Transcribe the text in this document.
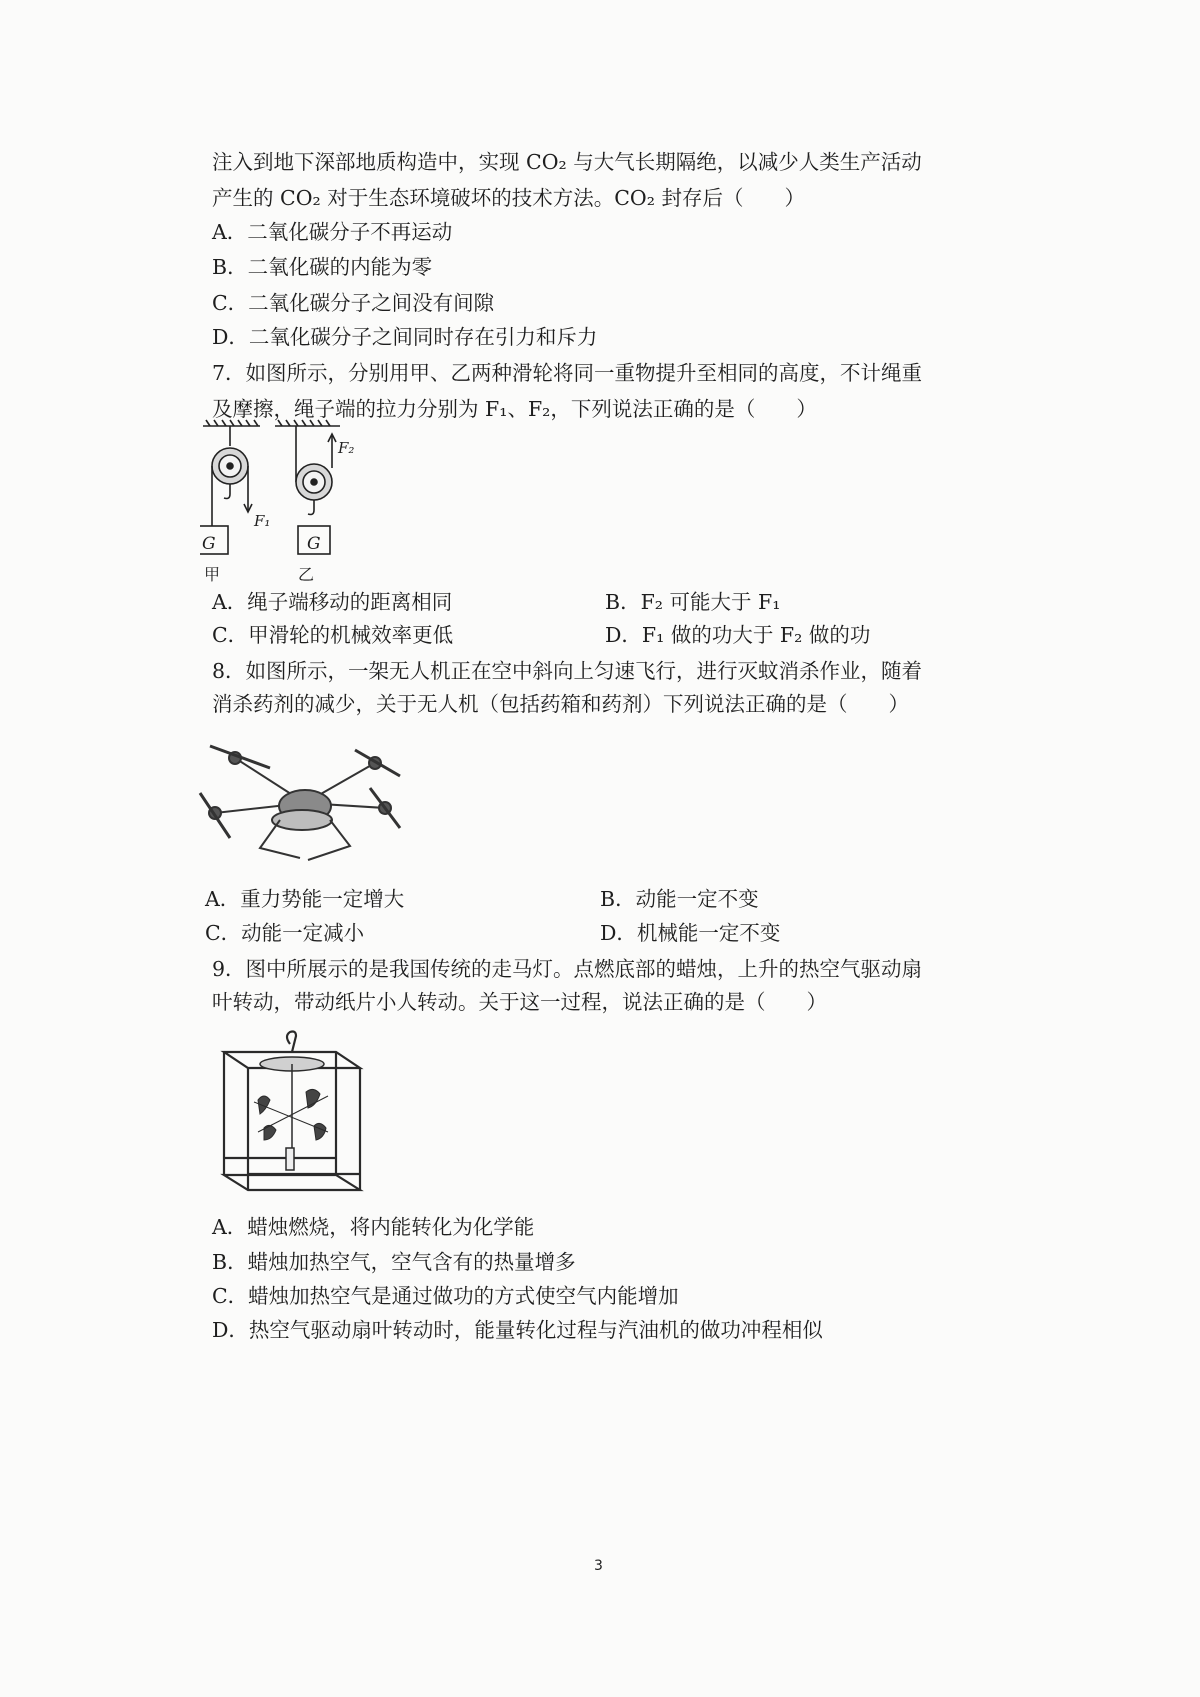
注入到地下深部地质构造中，实现 CO₂ 与大气长期隔绝，以减少人类生产活动
产生的 CO₂ 对于生态环境破坏的技术方法。CO₂ 封存后（　　）
A．二氧化碳分子不再运动
B．二氧化碳的内能为零
C．二氧化碳分子之间没有间隙
D．二氧化碳分子之间同时存在引力和斥力
7．如图所示，分别用甲、乙两种滑轮将同一重物提升至相同的高度，不计绳重
及摩擦，绳子端的拉力分别为 F₁、F₂，下列说法正确的是（　　）
G	G
F₁
F₂
甲	乙
A．绳子端移动的距离相同	B．F₂ 可能大于 F₁
C．甲滑轮的机械效率更低	D．F₁ 做的功大于 F₂ 做的功
8．如图所示，一架无人机正在空中斜向上匀速飞行，进行灭蚊消杀作业，随着
消杀药剂的减少，关于无人机（包括药箱和药剂）下列说法正确的是（　　）
A．重力势能一定增大	B．动能一定不变
C．动能一定减小	D．机械能一定不变
9．图中所展示的是我国传统的走马灯。点燃底部的蜡烛，上升的热空气驱动扇
叶转动，带动纸片小人转动。关于这一过程，说法正确的是（　　）
A．蜡烛燃烧，将内能转化为化学能
B．蜡烛加热空气，空气含有的热量增多
C．蜡烛加热空气是通过做功的方式使空气内能增加
D．热空气驱动扇叶转动时，能量转化过程与汽油机的做功冲程相似
3
